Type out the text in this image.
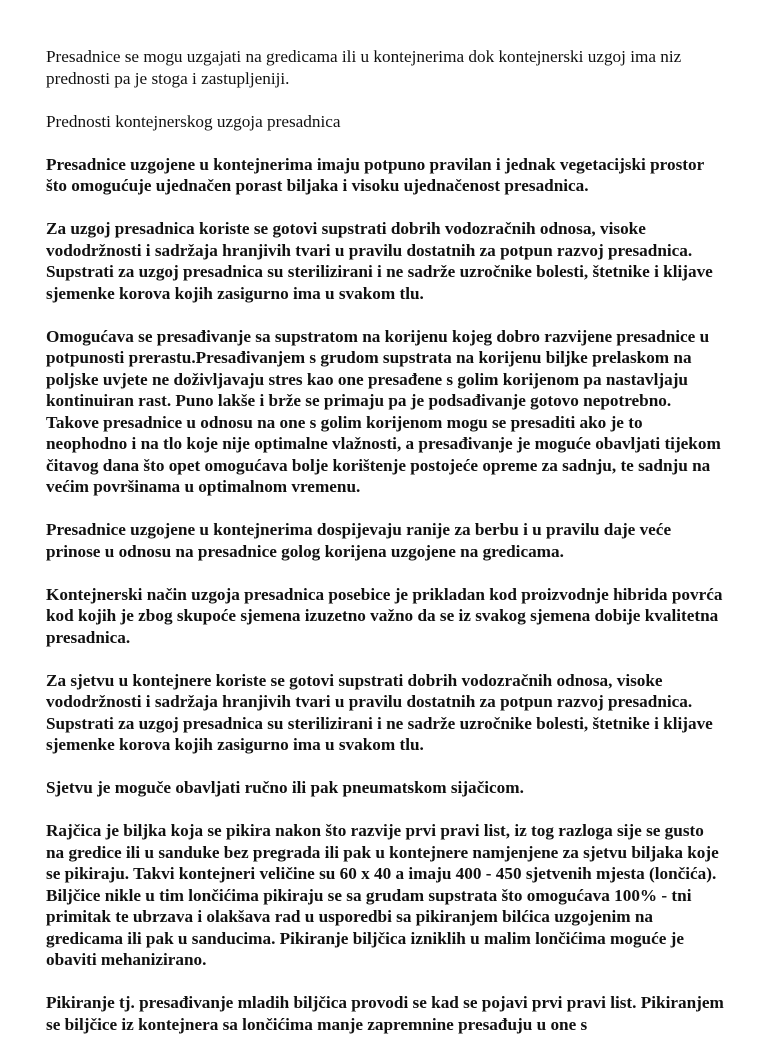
Presadnice se mogu uzgajati na gredicama ili u kontejnerima dok kontejnerski uzgoj ima niz prednosti pa je stoga i zastupljeniji.

Prednosti kontejnerskog uzgoja presadnica

Presadnice uzgojene u kontejnerima imaju potpuno pravilan i jednak vegetacijski prostor što omogućuje ujednačen porast biljaka i visoku ujednačenost presadnica.

Za uzgoj presadnica koriste se gotovi supstrati dobrih vodozračnih odnosa, visoke vododržnosti i sadržaja hranjivih tvari u pravilu dostatnih za potpun razvoj presadnica. Supstrati za uzgoj presadnica su sterilizirani i ne sadrže uzročnike bolesti, štetnike i klijave sjemenke korova kojih zasigurno ima u svakom tlu.

Omogućava se presađivanje sa supstratom na korijenu kojeg dobro razvijene presadnice u potpunosti prerastu.Presađivanjem s grudom supstrata na korijenu biljke prelaskom na poljske uvjete ne doživljavaju stres kao one presađene s golim korijenom pa nastavljaju kontinuiran rast. Puno lakše i brže se primaju pa je podsađivanje gotovo nepotrebno. Takove presadnice u odnosu na one s golim korijenom mogu se presaditi ako je to neophodno i na tlo koje nije optimalne vlažnosti, a presađivanje je moguće obavljati tijekom čitavog dana što opet omogućava bolje korištenje postojeće opreme za sadnju, te sadnju na većim površinama u optimalnom vremenu.

Presadnice uzgojene u kontejnerima dospijevaju ranije za berbu i u pravilu daje veće prinose u odnosu na presadnice golog korijena uzgojene na gredicama.

Kontejnerski način uzgoja presadnica posebice je prikladan kod proizvodnje hibrida povrća kod kojih je zbog skupoće sjemena izuzetno važno da se iz svakog sjemena dobije kvalitetna presadnica.

Za sjetvu u kontejnere koriste se gotovi supstrati dobrih vodozračnih odnosa, visoke vododržnosti i sadržaja hranjivih tvari u pravilu dostatnih za potpun razvoj presadnica. Supstrati za uzgoj presadnica su sterilizirani i ne sadrže uzročnike bolesti, štetnike i klijave sjemenke korova kojih zasigurno ima u svakom tlu.

Sjetvu je moguče obavljati ručno ili pak pneumatskom sijačicom.

Rajčica je biljka koja se pikira nakon što razvije prvi pravi list, iz tog razloga sije se gusto na gredice ili u sanduke bez pregrada ili pak u kontejnere namjenjene za sjetvu biljaka koje se pikiraju. Takvi kontejneri veličine su 60 x 40 a imaju 400 - 450 sjetvenih mjesta (lončića). Biljčice nikle u tim lončićima pikiraju se sa grudam supstrata što omogućava 100% - tni primitak te ubrzava i olakšava rad u usporedbi sa pikiranjem bilćica uzgojenim na gredicama ili pak u sanducima. Pikiranje biljčica izniklih u malim lončićima moguće je obaviti mehanizirano.

Pikiranje tj. presađivanje mladih biljčica provodi se kad se pojavi prvi pravi list. Pikiranjem se biljčice iz kontejnera sa lončićima manje zapremnine presađuju u one s
